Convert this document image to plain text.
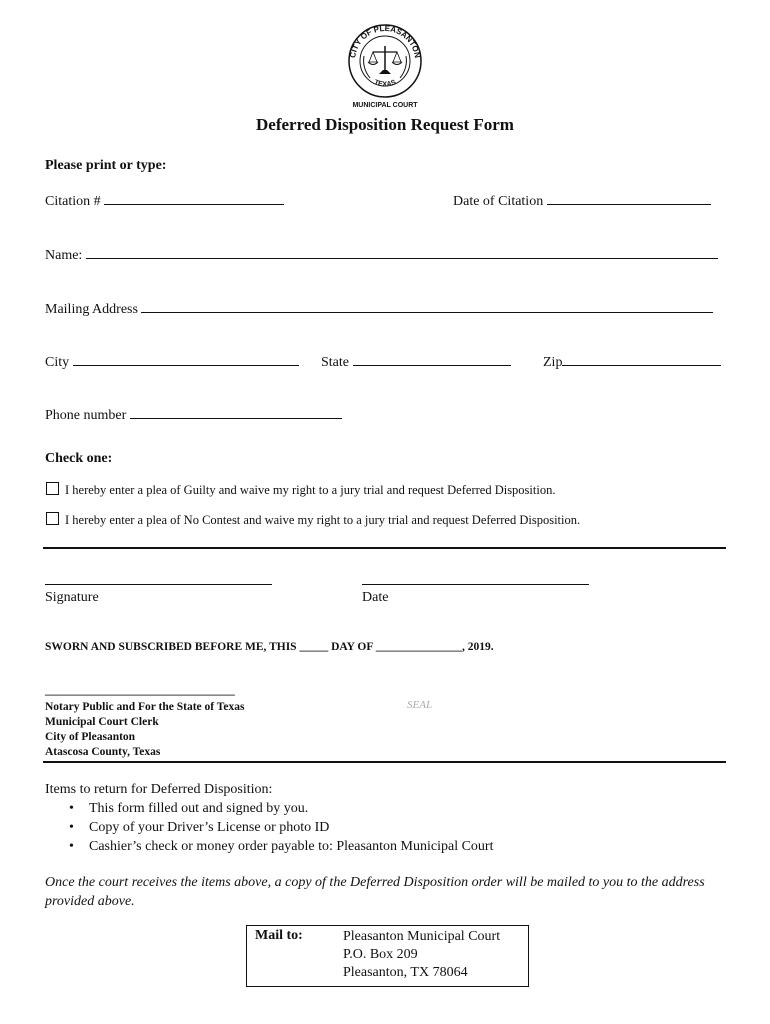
CITY OF PLEASANTON
TEXAS
MUNICIPAL COURT
Deferred Disposition Request Form
Please print or type:
Citation #	Date of Citation
Name:
Mailing Address
City	State	Zip
Phone number
Check one:
I hereby enter a plea of Guilty and waive my right to a jury trial and request Deferred Disposition.
I hereby enter a plea of No Contest and waive my right to a jury trial and request Deferred Disposition.
Signature	Date
SWORN AND SUBSCRIBED BEFORE ME, THIS _____ DAY OF _______________, 2019.
_________________________________
Notary Public and For the State of Texas
Municipal Court Clerk
City of Pleasanton
Atascosa County, Texas
SEAL
Items to return for Deferred Disposition:
• This form filled out and signed by you.
• Copy of your Driver’s License or photo ID
• Cashier’s check or money order payable to: Pleasanton Municipal Court
Once the court receives the items above, a copy of the Deferred Disposition order will be mailed to you to the address provided above.
Mail to:	Pleasanton Municipal Court
P.O. Box 209
Pleasanton, TX 78064
